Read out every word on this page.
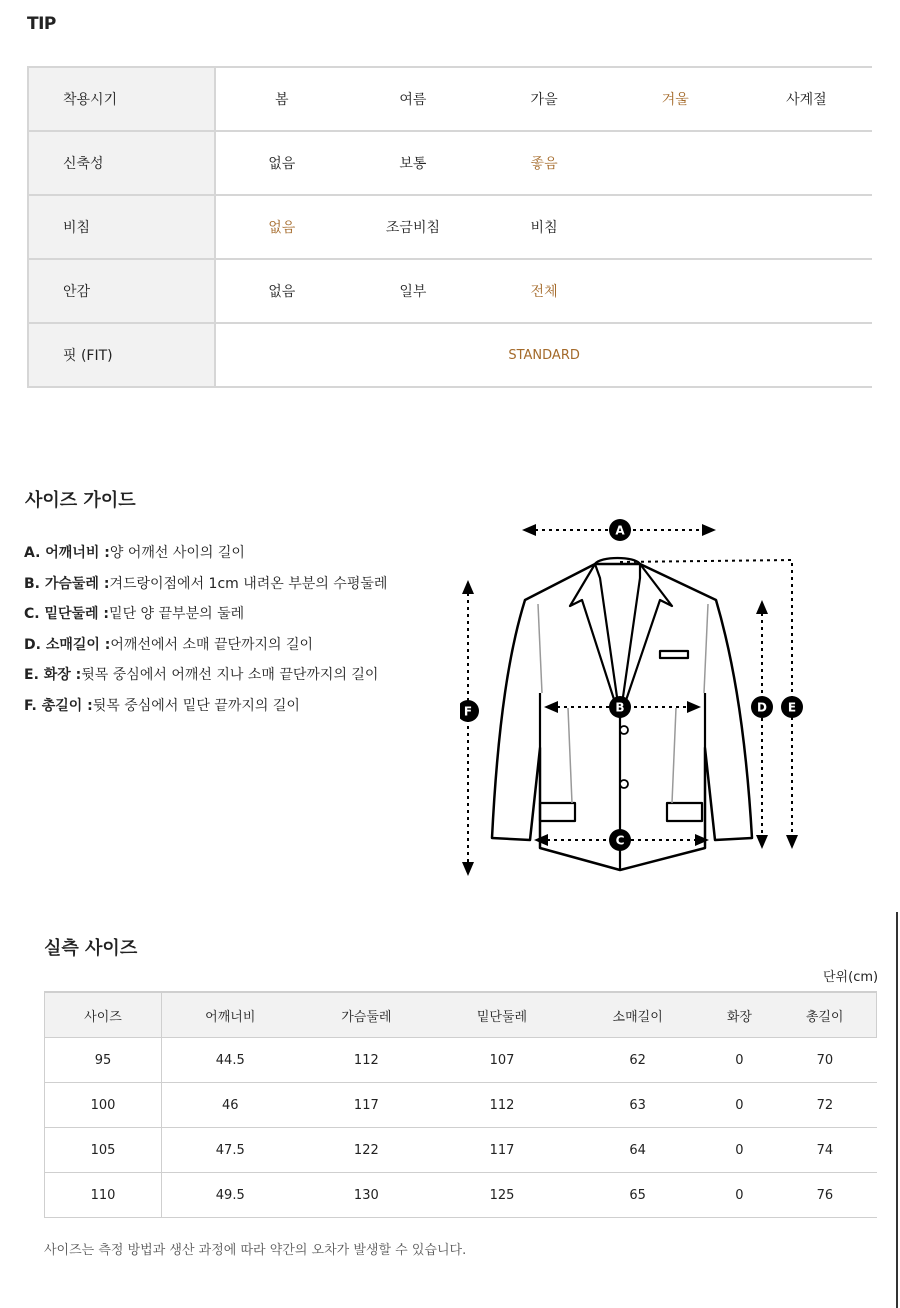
TIP
착용시기	봄	여름	가을	겨울	사계절
신축성	없음	보통	좋음		
비침	없음	조금비침	비침		
안감	없음	일부	전체		
핏 (FIT)	STANDARD				
사이즈 가이드
A. 어깨너비 :양 어깨선 사이의 길이
B. 가슴둘레 :겨드랑이점에서 1cm 내려온 부분의 수평둘레
C. 밑단둘레 :밑단 양 끝부분의 둘레
D. 소매길이 :어깨선에서 소매 끝단까지의 길이
E. 화장 :뒷목 중심에서 어깨선 지나 소매 끝단까지의 길이
F. 총길이 :뒷목 중심에서 밑단 끝까지의 길이
A
B
C
D E
F
실측 사이즈
단위(cm)
사이즈	어깨너비	가슴둘레	밑단둘레	소매길이	화장	총길이
95	44.5	112	107	62	0	70
100	46	117	112	63	0	72
105	47.5	122	117	64	0	74
110	49.5	130	125	65	0	76
사이즈는 측정 방법과 생산 과정에 따라 약간의 오차가 발생할 수 있습니다.
